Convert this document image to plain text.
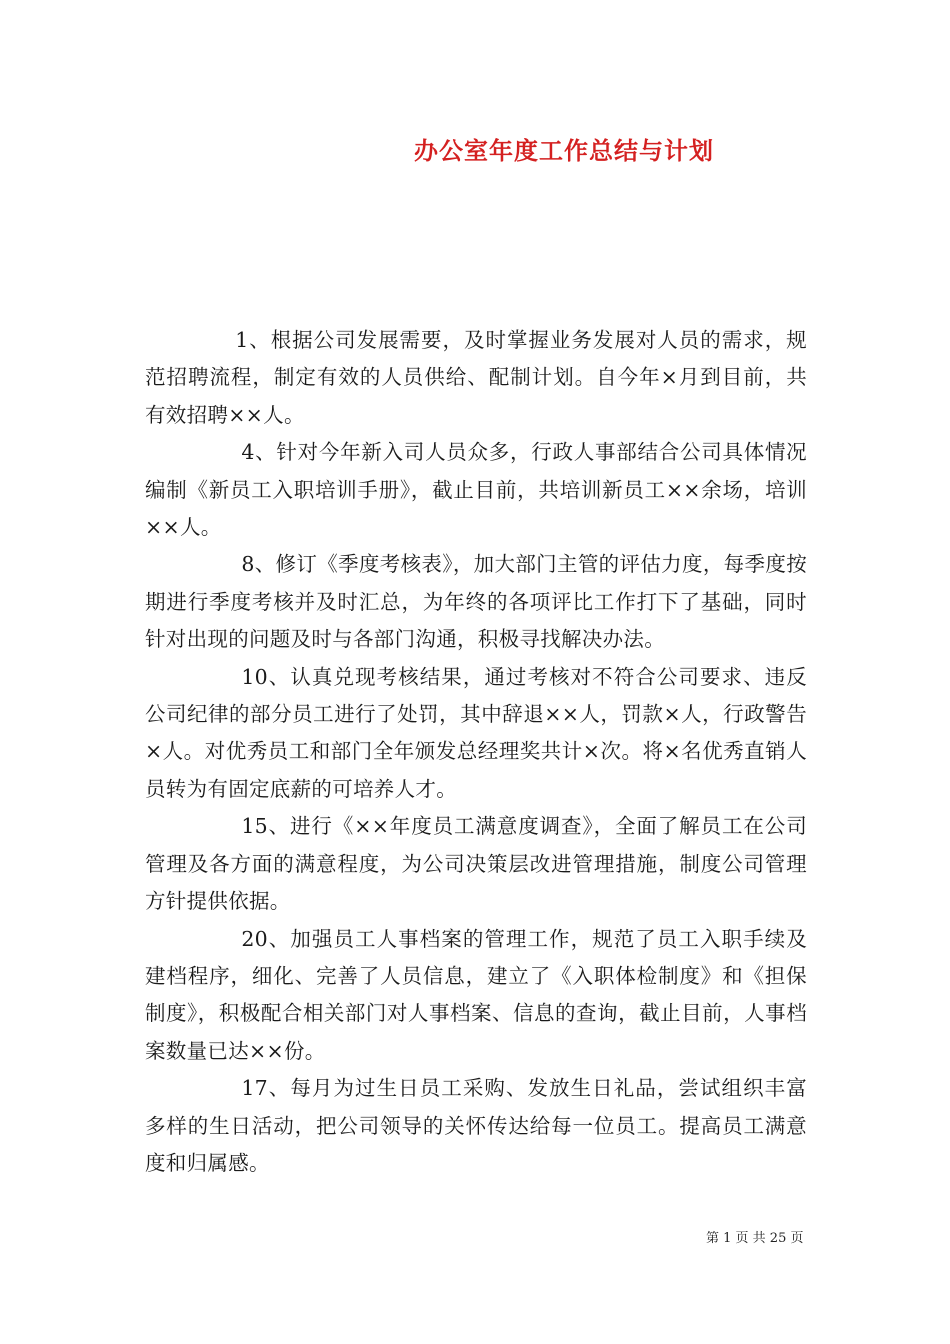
办公室年度工作总结与计划

1、根据公司发展需要，及时掌握业务发展对人员的需求，规范招聘流程，制定有效的人员供给、配制计划。自今年×月到目前，共有效招聘××人。

4、针对今年新入司人员众多，行政人事部结合公司具体情况编制《新员工入职培训手册》，截止目前，共培训新员工××余场，培训××人。

8、修订《季度考核表》，加大部门主管的评估力度，每季度按期进行季度考核并及时汇总，为年终的各项评比工作打下了基础，同时针对出现的问题及时与各部门沟通，积极寻找解决办法。

10、认真兑现考核结果，通过考核对不符合公司要求、违反公司纪律的部分员工进行了处罚，其中辞退××人，罚款×人，行政警告×人。对优秀员工和部门全年颁发总经理奖共计×次。将×名优秀直销人员转为有固定底薪的可培养人才。

15、进行《××年度员工满意度调查》，全面了解员工在公司管理及各方面的满意程度，为公司决策层改进管理措施，制度公司管理方针提供依据。

20、加强员工人事档案的管理工作，规范了员工入职手续及建档程序，细化、完善了人员信息，建立了《入职体检制度》和《担保制度》，积极配合相关部门对人事档案、信息的查询，截止目前，人事档案数量已达××份。

17、每月为过生日员工采购、发放生日礼品，尝试组织丰富多样的生日活动，把公司领导的关怀传达给每一位员工。提高员工满意度和归属感。

第 1 页 共 25 页
